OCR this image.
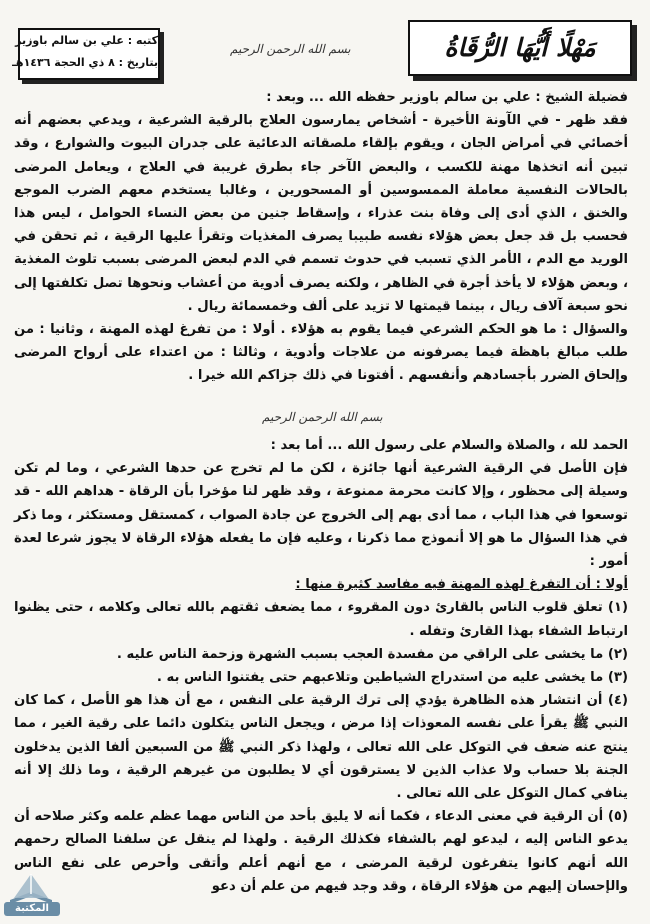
كتبه : علي بن سالم باوزير
بتاريخ : ٨ ذي الحجة ١٤٣٦هـ
مَهْلًا أَيُّهَا الرُّقَاةُ
بسم الله الرحمن الرحيم

فضيلة الشيخ : علي بن سالم باوزير حفظه الله ... وبعد :

فقد ظهر - في الآونة الأخيرة - أشخاص يمارسون العلاج بالرقية الشرعية ، ويدعي بعضهم أنه أخصائي في أمراض الجان ، ويقوم بإلقاء ملصقاته الدعائية على جدران البيوت والشوارع ، وقد تبين أنه اتخذها مهنة للكسب ، والبعض الآخر جاء بطرق غريبة في العلاج ، ويعامل المرضى بالحالات النفسية معاملة الممسوسين أو المسحورين ، وغالبا يستخدم معهم الضرب الموجع والخنق ، الذي أدى إلى وفاة بنت عذراء ، وإسقاط جنين من بعض النساء الحوامل ، ليس هذا فحسب بل قد جعل بعض هؤلاء نفسه طبيبا يصرف المغذيات وتقرأ عليها الرقية ، ثم تحقن في الوريد مع الدم ، الأمر الذي تسبب في حدوث تسمم في الدم لبعض المرضى بسبب تلوث المغذية ، وبعض هؤلاء لا يأخذ أجرة في الظاهر ، ولكنه يصرف أدوية من أعشاب ونحوها تصل تكلفتها إلى نحو سبعة آلاف ريال ، بينما قيمتها لا تزيد على ألف وخمسمائة ريال .

والسؤال : ما هو الحكم الشرعي فيما يقوم به هؤلاء . أولا : من تفرغ لهذه المهنة ، وثانيا : من طلب مبالغ باهظة فيما يصرفونه من علاجات وأدوية ، وثالثا : من اعتداء على أرواح المرضى وإلحاق الضرر بأجسادهم وأنفسهم . أفتونا في ذلك جزاكم الله خيرا .

بسم الله الرحمن الرحيم

الحمد لله ، والصلاة والسلام على رسول الله ... أما بعد :

فإن الأصل في الرقية الشرعية أنها جائزة ، لكن ما لم تخرج عن حدها الشرعي ، وما لم تكن وسيلة إلى محظور ، وإلا كانت محرمة ممنوعة ، وقد ظهر لنا مؤخرا بأن الرقاة - هداهم الله - قد توسعوا في هذا الباب ، مما أدى بهم إلى الخروج عن جادة الصواب ، كمستقل ومستكثر ، وما ذكر في هذا السؤال ما هو إلا أنموذج مما ذكرنا ، وعليه فإن ما يفعله هؤلاء الرقاة لا يجوز شرعا لعدة أمور :

أولا : أن التفرغ لهذه المهنة فيه مفاسد كثيرة منها :

(١) تعلق قلوب الناس بالقارئ دون المقروء ، مما يضعف ثقتهم بالله تعالى وكلامه ، حتى يظنوا ارتباط الشفاء بهذا القارئ وتفله .

(٢) ما يخشى على الراقي من مفسدة العجب بسبب الشهرة وزحمة الناس عليه .

(٣) ما يخشى عليه من استدراج الشياطين وتلاعبهم حتى يفتنوا الناس به .

(٤) أن انتشار هذه الظاهرة يؤدي إلى ترك الرقية على النفس ، مع أن هذا هو الأصل ، كما كان النبي ﷺ يقرأ على نفسه المعوذات إذا مرض ، ويجعل الناس يتكلون دائما على رقية الغير ، مما ينتج عنه ضعف في التوكل على الله تعالى ، ولهذا ذكر النبي ﷺ من السبعين ألفا الذين يدخلون الجنة بلا حساب ولا عذاب الذين لا يسترقون أي لا يطلبون من غيرهم الرقية ، وما ذلك إلا أنه ينافي كمال التوكل على الله تعالى .

(٥) أن الرقية في معنى الدعاء ، فكما أنه لا يليق بأحد من الناس مهما عظم علمه وكثر صلاحه أن يدعو الناس إليه ، ليدعو لهم بالشفاء فكذلك الرقية . ولهذا لم ينقل عن سلفنا الصالح رحمهم الله أنهم كانوا يتفرغون لرقية المرضى ، مع أنهم أعلم وأتقى وأحرص على نفع الناس والإحسان إليهم من هؤلاء الرقاة ، وقد وجد فيهم من علم أن دعو

المكتبة
